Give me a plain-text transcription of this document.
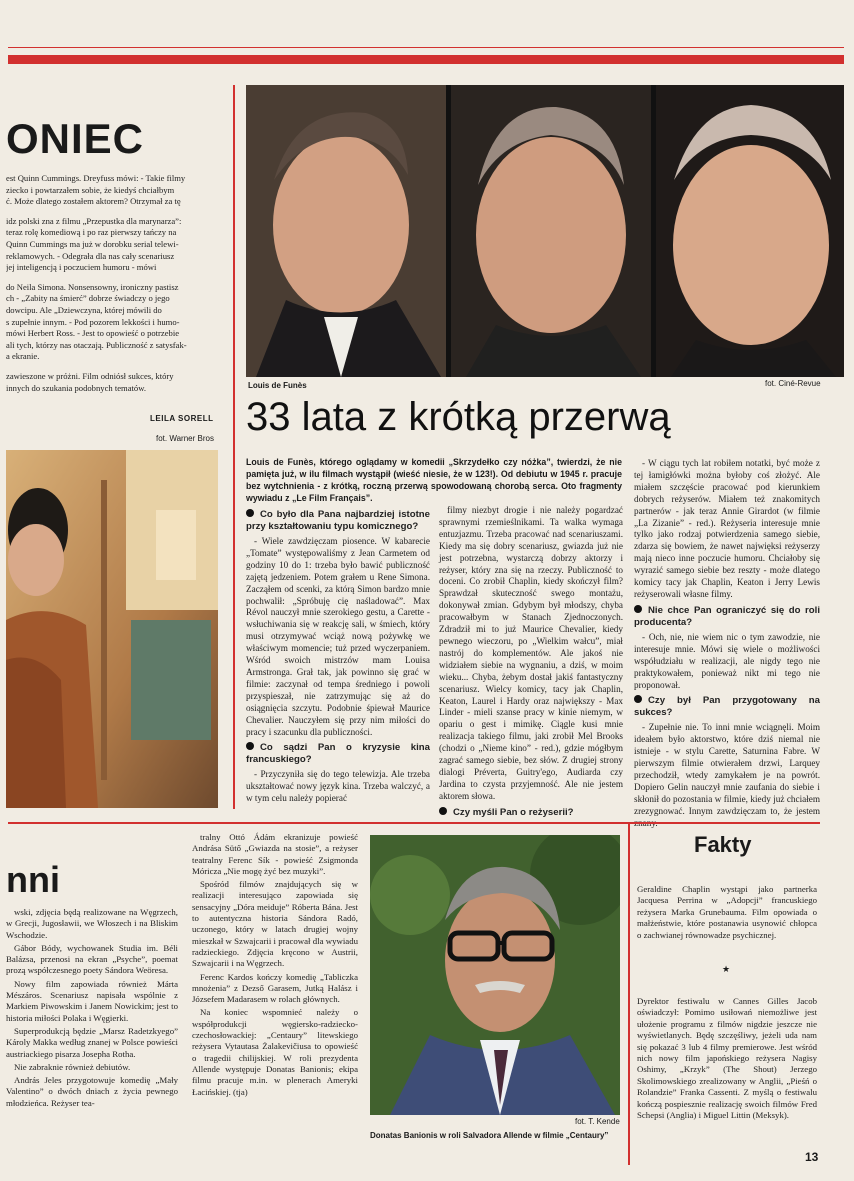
ONIEC
est Quinn Cummings. Dreyfuss mówi: - Takie filmy
ziecko i powtarzałem sobie, że kiedyś chciałbym
ć. Może dlatego zostałem aktorem? Otrzymał za tę
idz polski zna z filmu „Przepustka dla marynarza”:
teraz rolę komediową i po raz pierwszy tańczy na
Quinn Cummings ma już w dorobku serial telewi-
reklamowych. - Odegrała dla nas cały scenariusz
jej inteligencją i poczuciem humoru - mówi
do Neila Simona. Nonsensowny, ironiczny pastisz
ch - „Zabity na śmierć” dobrze świadczy o jego
dowcipu. Ale „Dziewczyna, której mówili do
s zupełnie innym. - Pod pozorem lekkości i humo-
mówi Herbert Ross. - Jest to opowieść o potrzebie
ali tych, którzy nas otaczają. Publiczność z satysfak-
a ekranie.
zawieszone w próżni. Film odniósł sukces, który
innych do szukania podobnych tematów.
LEILA SORELL
fot. Warner Bros
Louis de Funès	fot. Ciné-Revue
33 lata z krótką przerwą
Louis de Funès, którego oglądamy w komedii „Skrzydełko czy nóżka”, twierdzi, że nie pamięta już, w ilu filmach wystąpił (wieść niesie, że w 123!). Od debiutu w 1945 r. pracuje bez wytchnienia - z krótką, roczną przerwą spowodowaną chorobą serca. Oto fragmenty wywiadu z „Le Film Français”.
Co było dla Pana najbardziej istotne przy kształtowaniu typu komicznego?

- Wiele zawdzięczam piosence. W kabarecie „Tomate” występowaliśmy z Jean Carmetem od godziny 10 do 1: trzeba było bawić publiczność zajętą jedzeniem. Potem grałem u Rene Simona. Zacząłem od scenki, za którą Simon bardzo mnie pochwalił: „Spróbuję cię naśladować”. Max Révol nauczył mnie szerokiego gestu, a Carette - wsłuchiwania się w reakcję sali, w śmiech, który musi otrzymywać wciąż nową pożywkę we właściwym momencie; tuż przed wyczerpaniem. Wśród swoich mistrzów mam Louisa Armstronga. Grał tak, jak powinno się grać w filmie: zaczynał od tempa średniego i powoli przyspieszał, nie zatrzymując się aż do osiągnięcia szczytu. Podobnie śpiewał Maurice Chevalier. Nauczyłem się przy nim miłości do pracy i szacunku dla publiczności.

Co sądzi Pan o kryzysie kina francuskiego?

- Przyczyniła się do tego telewizja. Ale trzeba ukształtować nowy język kina. Trzeba walczyć, a w tym celu należy popierać

filmy niezbyt drogie i nie należy pogardzać sprawnymi rzemieślnikami. Ta walka wymaga entuzjazmu. Trzeba pracować nad scenariuszami. Kiedy ma się dobry scenariusz, gwiazda już nie jest potrzebna, wystarczą dobrzy aktorzy i reżyser, który zna się na rzeczy. Publiczność to doceni. Co zrobił Chaplin, kiedy skończył film? Sprawdzał skuteczność swego montażu, dokonywał zmian. Gdybym był młodszy, chyba pracowałbym w Stanach Zjednoczonych. Zdradził mi to już Maurice Chevalier, kiedy pewnego wieczoru, po „Wielkim wałcu”, miał nastrój do komplementów. Ale jakoś nie widziałem siebie na wygnaniu, a dziś, w moim wieku... Chyba, żebym dostał jakiś fantastyczny scenariusz. Wielcy komicy, tacy jak Chaplin, Keaton, Laurel i Hardy oraz największy - Max Linder - mieli szanse pracy w kinie niemym, w opariu o gest i mimikę. Ciągle kusi mnie realizacja takiego filmu, jaki zrobił Mel Brooks (chodzi o „Nieme kino” - red.), gdzie mógłbym zagrać samego siebie, bez słów. Z drugiej strony dialogi Préverta, Guitry'ego, Audiarda czy Jardina to czysta przyjemność. Ale nie jestem aktorem słowa.

Czy myśli Pan o reżyserii?

- W ciągu tych lat robiłem notatki, być może z tej łamigłówki można byłoby coś złożyć. Ale miałem szczęście pracować pod kierunkiem dobrych reżyserów. Miałem też znakomitych partnerów - jak teraz Annie Girardot (w filmie „La Zizanie” - red.). Reżyseria interesuje mnie tylko jako rodzaj potwierdzenia samego siebie, zdarza się bowiem, że nawet najwięksi reżyserzy mają nieco inne poczucie humoru. Chciałoby się wyrazić samego siebie bez reszty - może dlatego komicy tacy jak Chaplin, Keaton i Jerry Lewis reżyserowali własne filmy.

Nie chce Pan ograniczyć się do roli producenta?

- Och, nie, nie wiem nic o tym zawodzie, nie interesuje mnie. Mówi się wiele o możliwości współudziału w realizacji, ale nigdy tego nie praktykowałem, ponieważ nikt mi tego nie proponował.

Czy był Pan przygotowany na sukces?

- Zupełnie nie. To inni mnie wciągnęli. Moim ideałem było aktorstwo, które dziś niemal nie istnieje - w stylu Carette, Saturnina Fabre. W pierwszym filmie otwierałem drzwi, Larquey przechodził, wtedy zamykałem je na powrót. Dopiero Gelin nauczył mnie zaufania do siebie i skłonił do pozostania w filmie, kiedy już chciałem zrezygnować. Innym zawdzięczam to, że jestem

nni

wski, zdjęcia będą realizowane na Węgrzech, w Grecji, Jugosławii, we Włoszech i na Bliskim Wschodzie.

Gábor Bódy, wychowanek Studia im. Béli Balázsa, przenosi na ekran „Psyche”, poemat prozą współczesnego poety Sándora Weöresa.

Nowy film zapowiada również Márta Mészáros. Scenariusz napisała wspólnie z Markiem Piwowskim i Janem Nowickim; jest to historia miłości Polaka i Węgierki.

Superprodukcją będzie „Marsz Radetzkyego” Károly Makka według znanej w Polsce powieści austriackiego pisarza Josepha Rotha.

Nie zabraknie również debiutów.

András Jeles przygotowuje komedię „Mały Valentino” o dwóch dniach z życia pewnego młodzieńca. Reżyser tea-

tralny Ottó Ádám ekranizuje powieść Andrása Sütő „Gwiazda na stosie”, a reżyser teatralny Ferenc Sík - powieść Zsigmonda Móricza „Nie mogę żyć bez muzyki”.

Spośród filmów znajdujących się w realizacji interesująco zapowiada się sensacyjny „Dóra meiduje” Róberta Bána. Jest to autentyczna historia Sándora Radó, uczonego, który w latach drugiej wojny mieszkał w Szwajcarii i pracował dla wywiadu radzieckiego. Zdjęcia kręcono w Austrii, Szwajcarii i na Węgrzech.

Ferenc Kardos kończy komedię „Tabliczka mnożenia” z Dezső Garasem, Jutką Halász i Józsefem Madarasem w rolach głównych.

Na koniec wspomnieć należy o współprodukcji węgiersko-radziecko-czechosłowackiej: „Centaury” litewskiego reżysera Vytautasa Żalakevičiusa to opowieść o tragedii chilijskiej. W roli prezydenta Allende występuje Donatas Banionis; ekipa filmu pracuje m.in. w plenerach Ameryki Łacińskiej. (tja)

fot. T. Kende
Donatas Banionis w roli Salvadora Allende w filmie „Centaury”
Fakty
Geraldine Chaplin wystąpi jako partnerka Jacquesa Perrina w „Adopcji” francuskiego reżysera Marka Grunebauma. Film opowiada o małżeństwie, które postanawia usynowić chłopca o zachwianej równowadze psychicznej.
★
Dyrektor festiwalu w Cannes Gilles Jacob oświadczył: Pomimo usiłowań niemożliwe jest ułożenie programu z filmów nigdzie jeszcze nie wyświetlanych. Będę szczęśliwy, jeżeli uda nam się pokazać 3 lub 4 filmy premierowe. Jest wśród nich nowy film japońskiego reżysera Nagisy Oshimy, „Krzyk” (The Shout) Jerzego Skolimowskiego zrealizowany w Anglii, „Pieśń o Rolandzie” Franka Cassenti. Z myślą o festiwalu kończą pospiesznie realizację swoich filmów Fred Schepsi (Anglia) i Miguel Littin (Meksyk).
13
